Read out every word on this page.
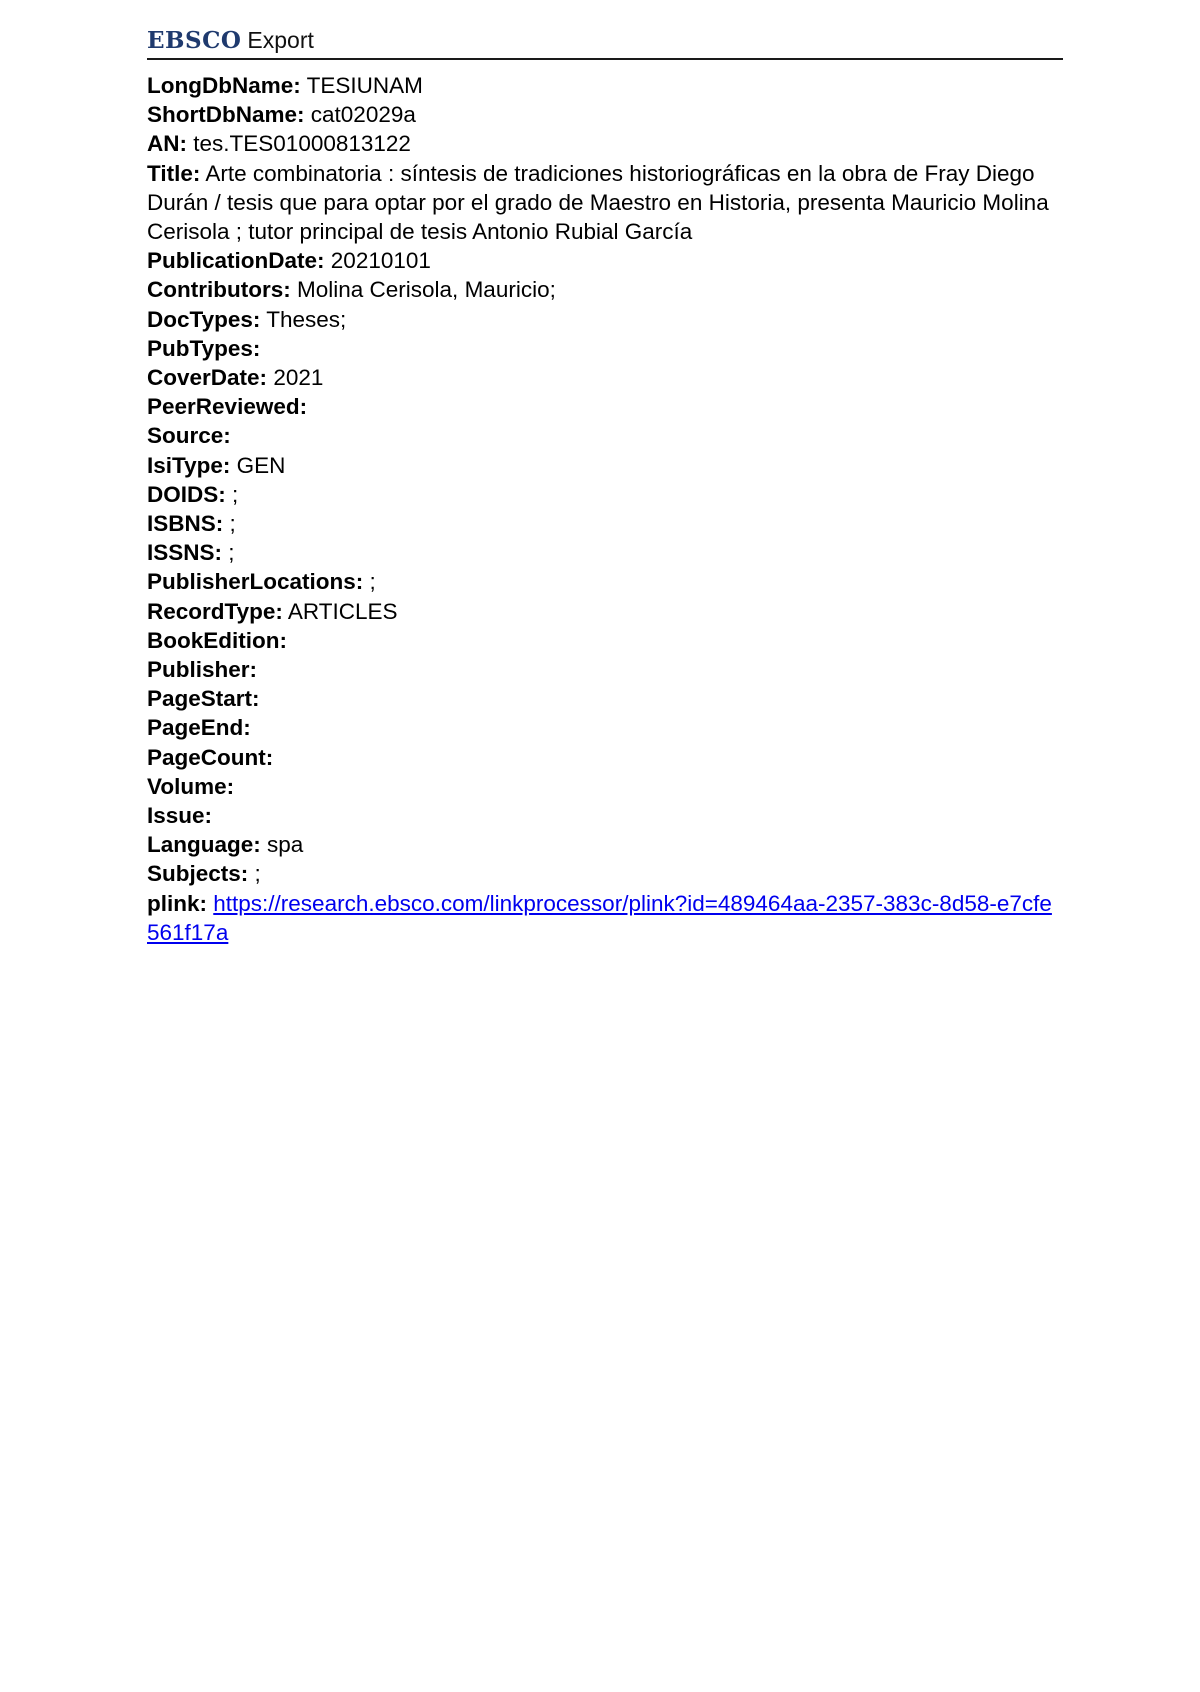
EBSCO Export

LongDbName: TESIUNAM

ShortDbName: cat02029a

AN: tes.TES01000813122

Title: Arte combinatoria : síntesis de tradiciones historiográficas en la obra de Fray Diego Durán / tesis que para optar por el grado de Maestro en Historia, presenta Mauricio Molina Cerisola ; tutor principal de tesis Antonio Rubial García

PublicationDate: 20210101

Contributors: Molina Cerisola, Mauricio;

DocTypes: Theses;

PubTypes:

CoverDate: 2021

PeerReviewed:

Source:

IsiType: GEN

DOIDS: ;

ISBNS: ;

ISSNS: ;

PublisherLocations: ;

RecordType: ARTICLES

BookEdition:

Publisher:

PageStart:

PageEnd:

PageCount:

Volume:

Issue:

Language: spa

Subjects: ;

plink: https://research.ebsco.com/linkprocessor/plink?id=489464aa-2357-383c-8d58-e7cfe561f17a
